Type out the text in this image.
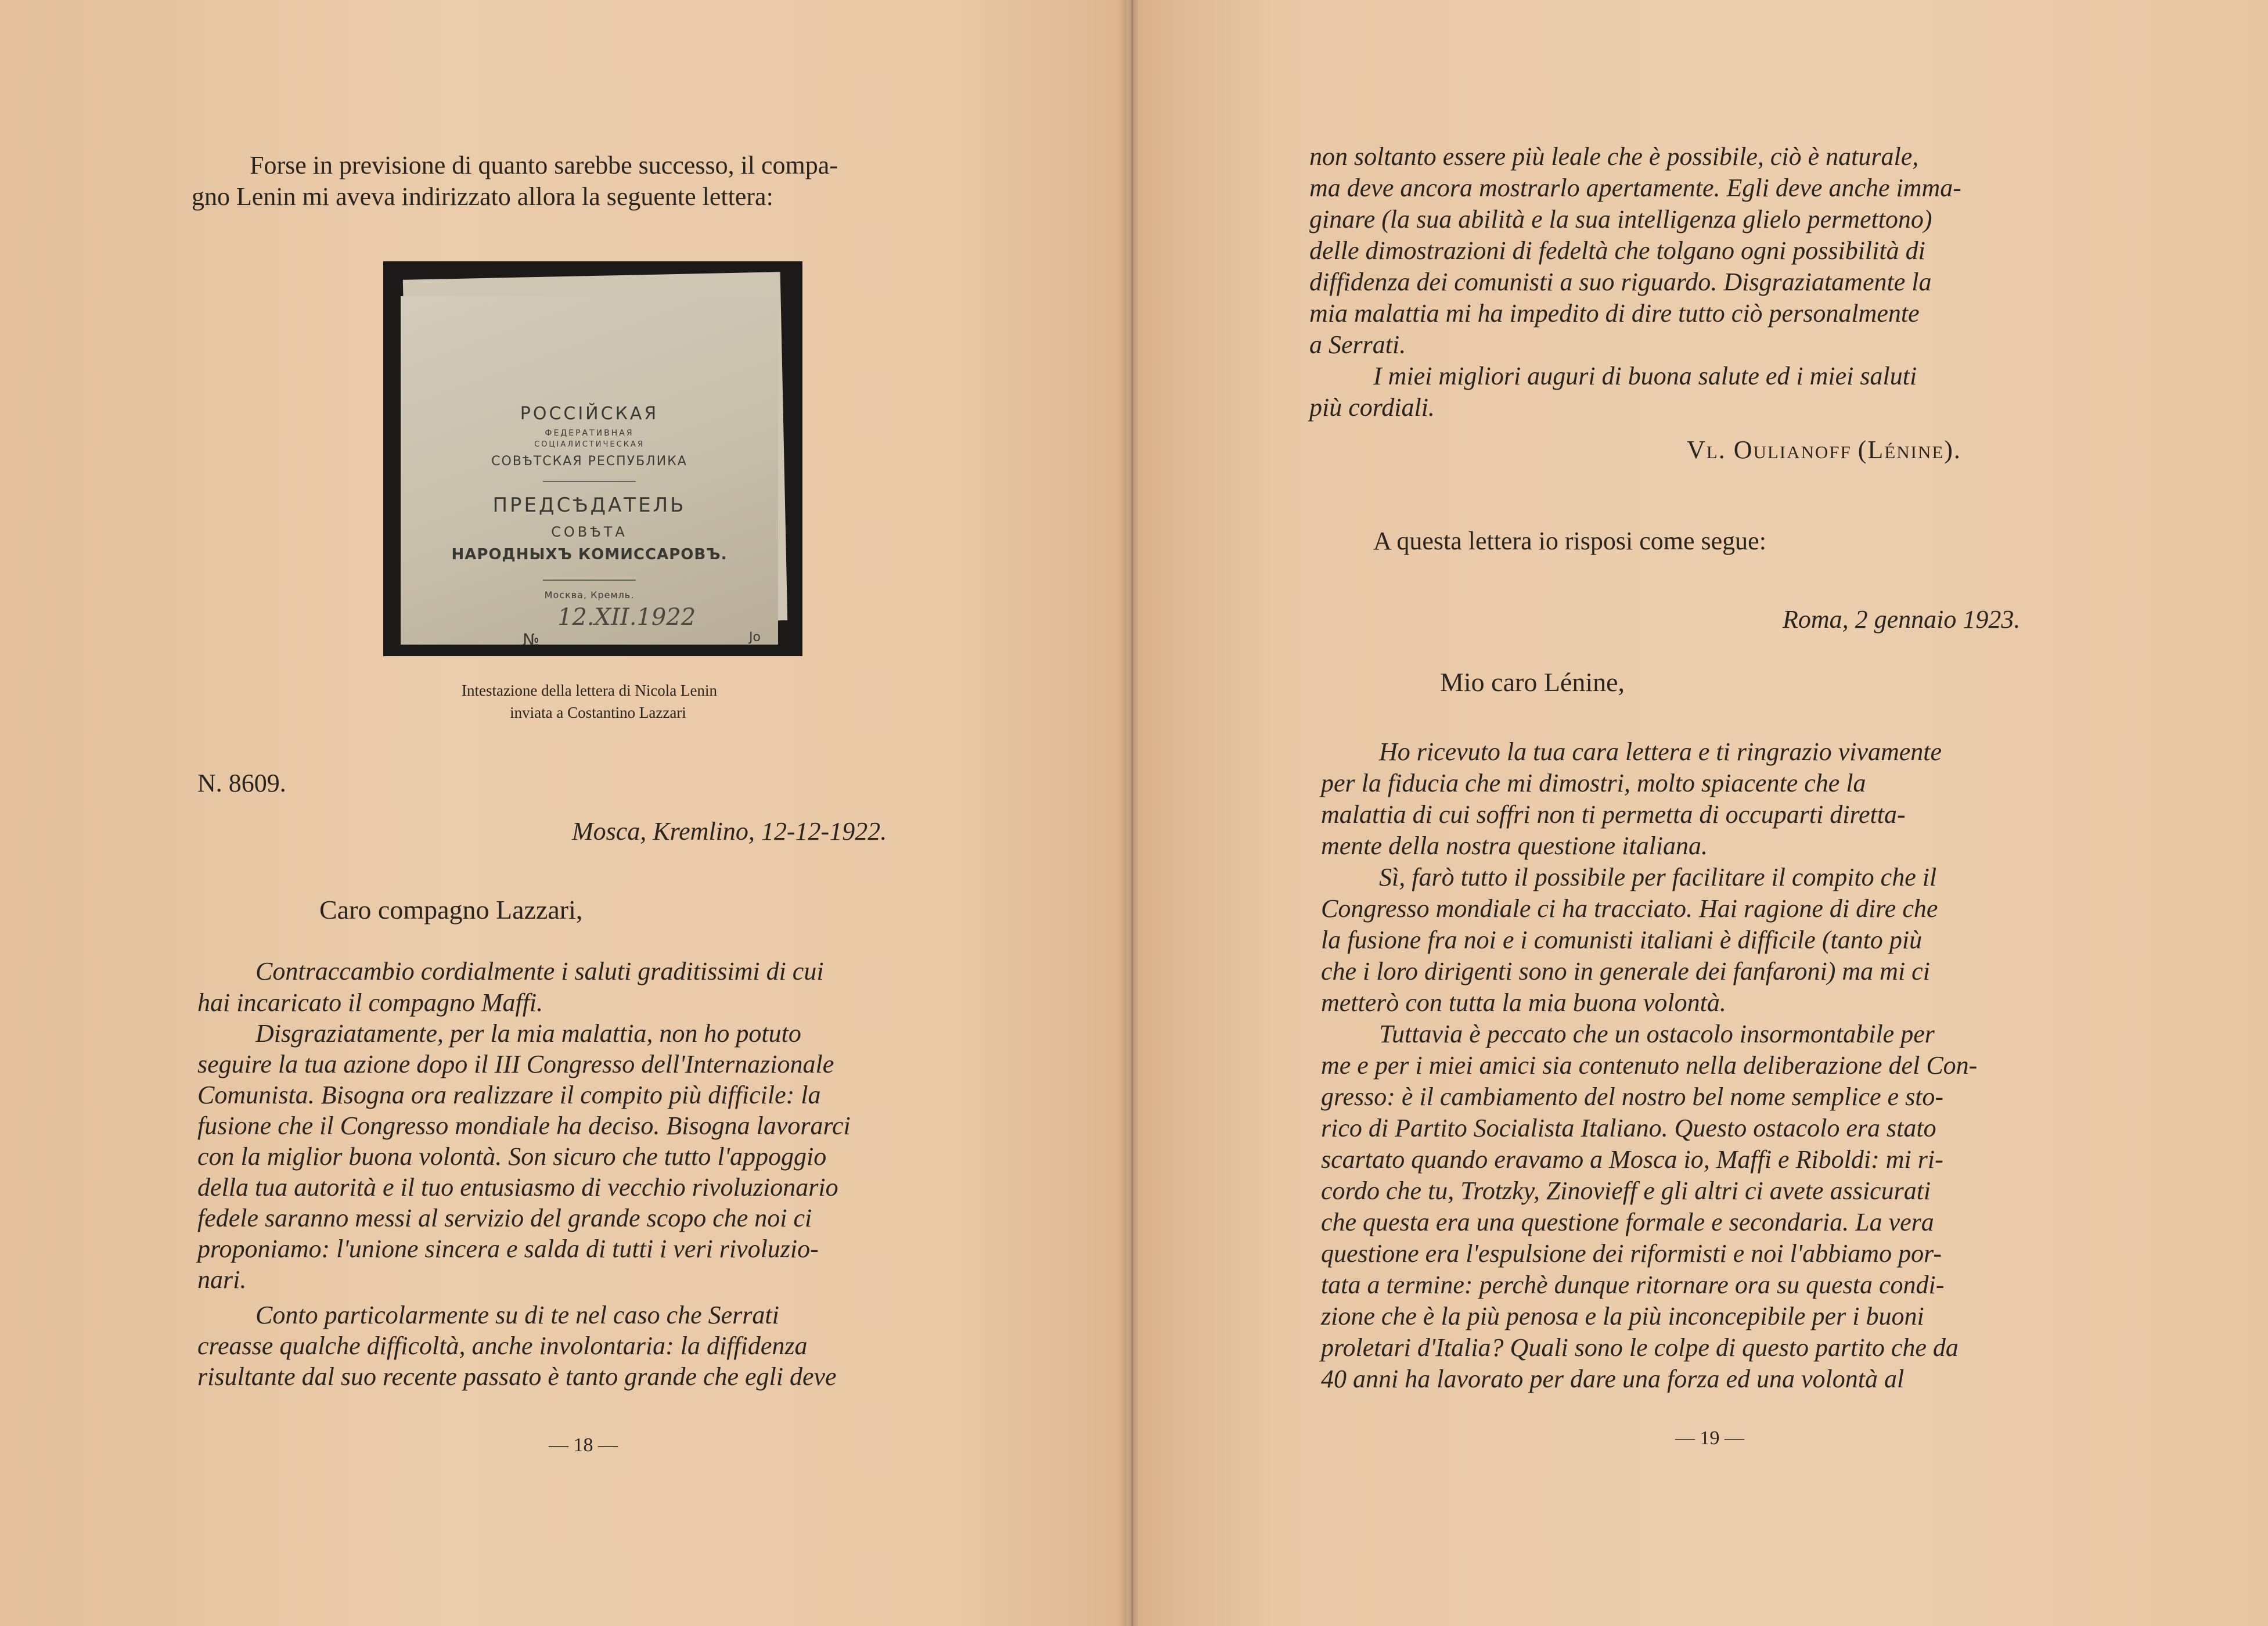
Forse in previsione di quanto sarebbe successo, il compa-
gno Lenin mi aveva indirizzato allora la seguente lettera:
РОССІЙСКАЯ
ФЕДЕРАТИВНАЯ
СОЦІАЛИСТИЧЕСКАЯ
СОВѢТСКАЯ РЕСПУБЛИКА
ПРЕДСѢДАТЕЛЬ
СОВѢТА
НАРОДНЫХЪ КОМИССАРОВЪ.
Москва, Кремль.
12.XII.1922
№	Jo
Intestazione della lettera di Nicola Lenin
inviata a Costantino Lazzari
N. 8609.
Mosca, Kremlino, 12-12-1922.
Caro compagno Lazzari,
Contraccambio cordialmente i saluti graditissimi di cui
hai incaricato il compagno Maffi.
Disgraziatamente, per la mia malattia, non ho potuto
seguire la tua azione dopo il III Congresso dell'Internazionale
Comunista. Bisogna ora realizzare il compito più difficile: la
fusione che il Congresso mondiale ha deciso. Bisogna lavorarci
con la miglior buona volontà. Son sicuro che tutto l'appoggio
della tua autorità e il tuo entusiasmo di vecchio rivoluzionario
fedele saranno messi al servizio del grande scopo che noi ci
proponiamo: l'unione sincera e salda di tutti i veri rivoluzio-
nari.
Conto particolarmente su di te nel caso che Serrati
creasse qualche difficoltà, anche involontaria: la diffidenza
risultante dal suo recente passato è tanto grande che egli deve
— 18 —
non soltanto essere più leale che è possibile, ciò è naturale,
ma deve ancora mostrarlo apertamente. Egli deve anche imma-
ginare (la sua abilità e la sua intelligenza glielo permettono)
delle dimostrazioni di fedeltà che tolgano ogni possibilità di
diffidenza dei comunisti a suo riguardo. Disgraziatamente la
mia malattia mi ha impedito di dire tutto ciò personalmente
a Serrati.
I miei migliori auguri di buona salute ed i miei saluti
più cordiali.
Vl. Oulianoff (Lénine).
A questa lettera io risposi come segue:
Roma, 2 gennaio 1923.
Mio caro Lénine,
Ho ricevuto la tua cara lettera e ti ringrazio vivamente
per la fiducia che mi dimostri, molto spiacente che la
malattia di cui soffri non ti permetta di occuparti diretta-
mente della nostra questione italiana.
Sì, farò tutto il possibile per facilitare il compito che il
Congresso mondiale ci ha tracciato. Hai ragione di dire che
la fusione fra noi e i comunisti italiani è difficile (tanto più
che i loro dirigenti sono in generale dei fanfaroni) ma mi ci
metterò con tutta la mia buona volontà.
Tuttavia è peccato che un ostacolo insormontabile per
me e per i miei amici sia contenuto nella deliberazione del Con-
gresso: è il cambiamento del nostro bel nome semplice e sto-
rico di Partito Socialista Italiano. Questo ostacolo era stato
scartato quando eravamo a Mosca io, Maffi e Riboldi: mi ri-
cordo che tu, Trotzky, Zinovieff e gli altri ci avete assicurati
che questa era una questione formale e secondaria. La vera
questione era l'espulsione dei riformisti e noi l'abbiamo por-
tata a termine: perchè dunque ritornare ora su questa condi-
zione che è la più penosa e la più inconcepibile per i buoni
proletari d'Italia? Quali sono le colpe di questo partito che da
40 anni ha lavorato per dare una forza ed una volontà al
— 19 —
